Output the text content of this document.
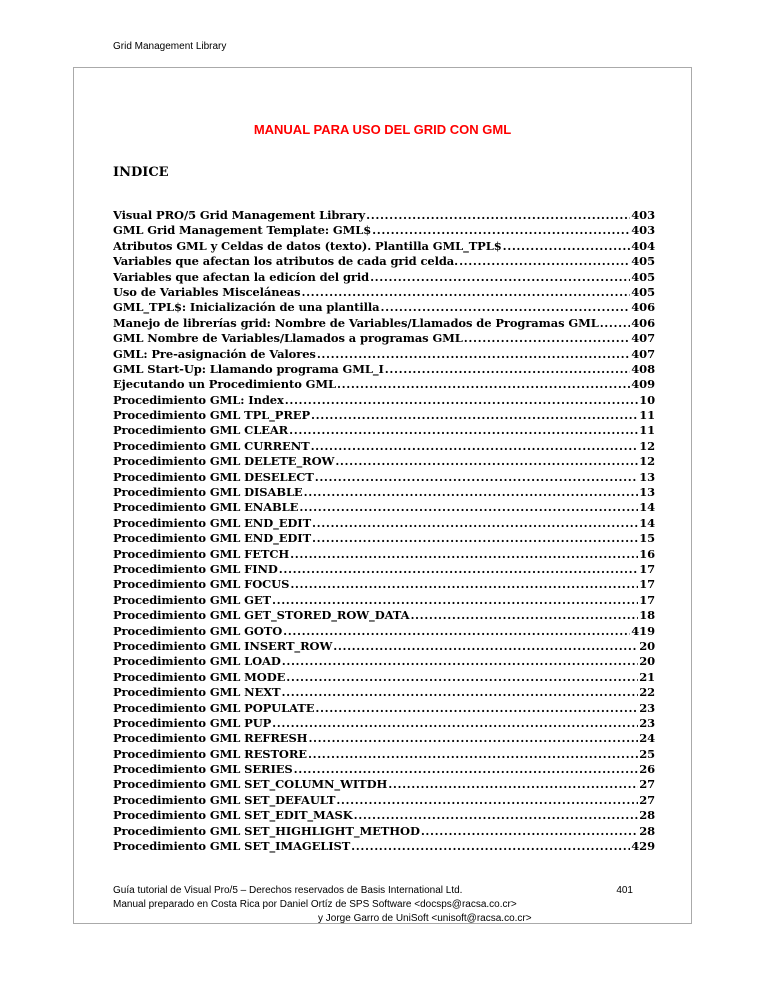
Grid Management Library
MANUAL PARA USO DEL GRID CON GML
INDICE
Visual PRO/5 Grid Management Library .....	403
GML Grid Management Template: GML$ .....	403
Atributos GML y Celdas de datos (texto). Plantilla GML_TPL$ .....	404
Variables que afectan los atributos de cada grid celda. .....	405
Variables que afectan la edicíon del grid .....	405
Uso de Variables Misceláneas .....	405
GML_TPL$: Inicialización de una plantilla .....	406
Manejo de librerías grid: Nombre de Variables/Llamados de Programas GML .....	406
GML Nombre de Variables/Llamados a programas GML .....	407
GML: Pre-asignación de Valores .....	407
GML Start-Up: Llamando programa GML_I .....	408
Ejecutando un Procedimiento GML .....	409
Procedimiento GML: Index .....	10
Procedimiento GML TPL_PREP .....	11
Procedimiento GML CLEAR .....	11
Procedimiento GML CURRENT .....	12
Procedimiento GML DELETE_ROW .....	12
Procedimiento GML DESELECT .....	13
Procedimiento GML DISABLE .....	13
Procedimiento GML ENABLE .....	14
Procedimiento GML END_EDIT .....	14
Procedimiento GML END_EDIT .....	15
Procedimiento GML FETCH .....	16
Procedimiento GML FIND .....	17
Procedimiento GML FOCUS .....	17
Procedimiento GML GET .....	17
Procedimiento GML GET_STORED_ROW_DATA .....	18
Procedimiento GML GOTO .....	419
Procedimiento GML INSERT_ROW .....	20
Procedimiento GML LOAD .....	20
Procedimiento GML MODE .....	21
Procedimiento GML NEXT .....	22
Procedimiento GML POPULATE .....	23
Procedimiento GML PUP .....	23
Procedimiento GML REFRESH .....	24
Procedimiento GML RESTORE .....	25
Procedimiento GML SERIES .....	26
Procedimiento GML SET_COLUMN_WITDH .....	27
Procedimiento GML SET_DEFAULT .....	27
Procedimiento GML SET_EDIT_MASK .....	28
Procedimiento GML SET_HIGHLIGHT_METHOD .....	28
Procedimiento GML SET_IMAGELIST .....	429
Guía tutorial de Visual Pro/5 – Derechos reservados de Basis International Ltd.	401
Manual preparado en Costa Rica por Daniel Ortíz de SPS Software <docsps@racsa.co.cr>
y Jorge Garro de UniSoft <unisoft@racsa.co.cr>
